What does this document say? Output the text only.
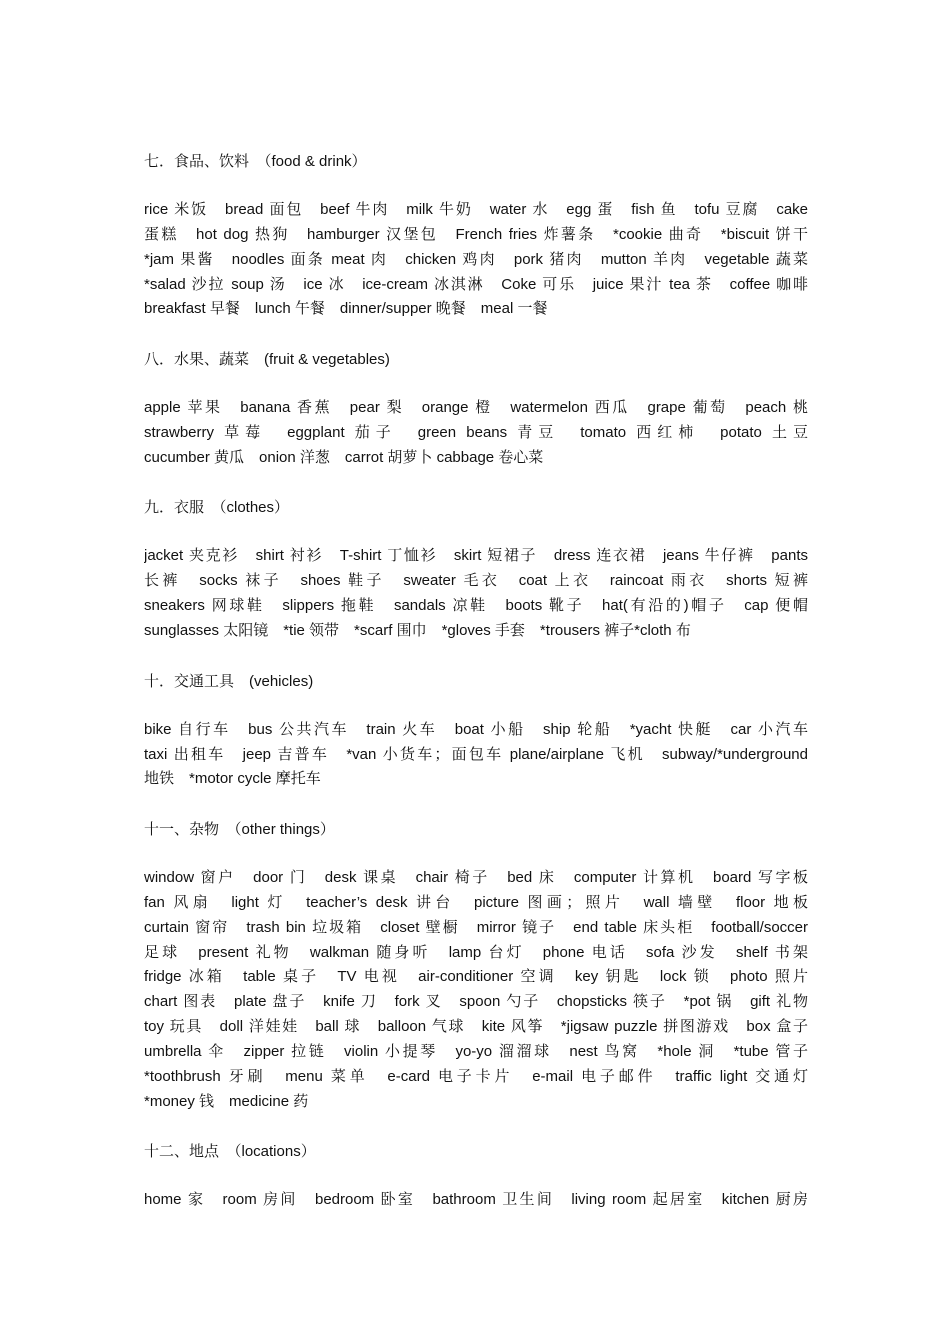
七．食品、饮料　（food & drink）
rice 米饭　bread 面包　beef 牛肉　milk 牛奶　water 水　egg 蛋　fish 鱼　tofu 豆腐　cake
蛋糕　hot dog 热狗　hamburger 汉堡包　French fries 炸薯条　*cookie 曲奇　*biscuit 饼干
*jam 果酱　noodles 面条 meat 肉　chicken 鸡肉　pork 猪肉　mutton 羊肉　vegetable 蔬菜
*salad 沙拉 soup 汤　ice 冰　ice-cream 冰淇淋　Coke 可乐　juice 果汁 tea 茶　coffee 咖啡
breakfast 早餐　lunch 午餐　dinner/supper 晚餐　meal 一餐
八．水果、蔬菜　(fruit & vegetables)
apple 苹果　banana 香蕉　pear 梨　orange 橙　watermelon 西瓜　grape 葡萄　peach 桃
strawberry 草莓　eggplant 茄子　green beans 青豆　tomato 西红柿　potato 土豆
cucumber 黄瓜　onion 洋葱　carrot 胡萝卜 cabbage 卷心菜
九．衣服　（clothes）
jacket 夹克衫　shirt 衬衫　T-shirt 丁恤衫　skirt 短裙子　dress 连衣裙　jeans 牛仔裤　pants
长裤　socks 袜子　shoes 鞋子　sweater 毛衣　coat 上衣　raincoat 雨衣　shorts 短裤
sneakers 网球鞋　slippers 拖鞋　sandals 凉鞋　boots 靴子　hat(有沿的)帽子　cap 便帽
sunglasses 太阳镜　*tie 领带　*scarf 围巾　*gloves 手套　*trousers 裤子*cloth 布
十．交通工具　(vehicles)
bike 自行车　bus 公共汽车　train 火车　boat 小船　ship 轮船　*yacht 快艇　car 小汽车
taxi 出租车　jeep 吉普车　*van 小货车；面包车 plane/airplane 飞机　subway/*underground
地铁　*motor cycle 摩托车
十一、杂物　（other things）
window 窗户　door 门　desk 课桌　chair 椅子　bed 床　computer 计算机　board 写字板
fan 风扇　light 灯　teacher’s desk 讲台　picture 图画；照片　wall 墙壁　floor 地板
curtain 窗帘　trash bin 垃圾箱　closet 壁橱　mirror 镜子　end table 床头柜　football/soccer
足球　present 礼物　walkman 随身听　lamp 台灯　phone 电话　sofa 沙发　shelf 书架
fridge 冰箱　table 桌子　TV 电视　air-conditioner 空调　key 钥匙　lock 锁　photo 照片
chart 图表　plate 盘子　knife 刀　fork 叉　spoon 勺子　chopsticks 筷子　*pot 锅　gift 礼物
toy 玩具　doll 洋娃娃　ball 球　balloon 气球　kite 风筝　*jigsaw puzzle 拼图游戏　box 盒子
umbrella 伞　zipper 拉链　violin 小提琴　yo-yo 溜溜球　nest 鸟窝　*hole 洞　*tube 管子
*toothbrush 牙刷　menu 菜单　e-card 电子卡片　e-mail 电子邮件　traffic light 交通灯
*money 钱　medicine 药
十二、地点　（locations）
home 家　room 房间　bedroom 卧室　bathroom 卫生间　living room 起居室　kitchen 厨房
